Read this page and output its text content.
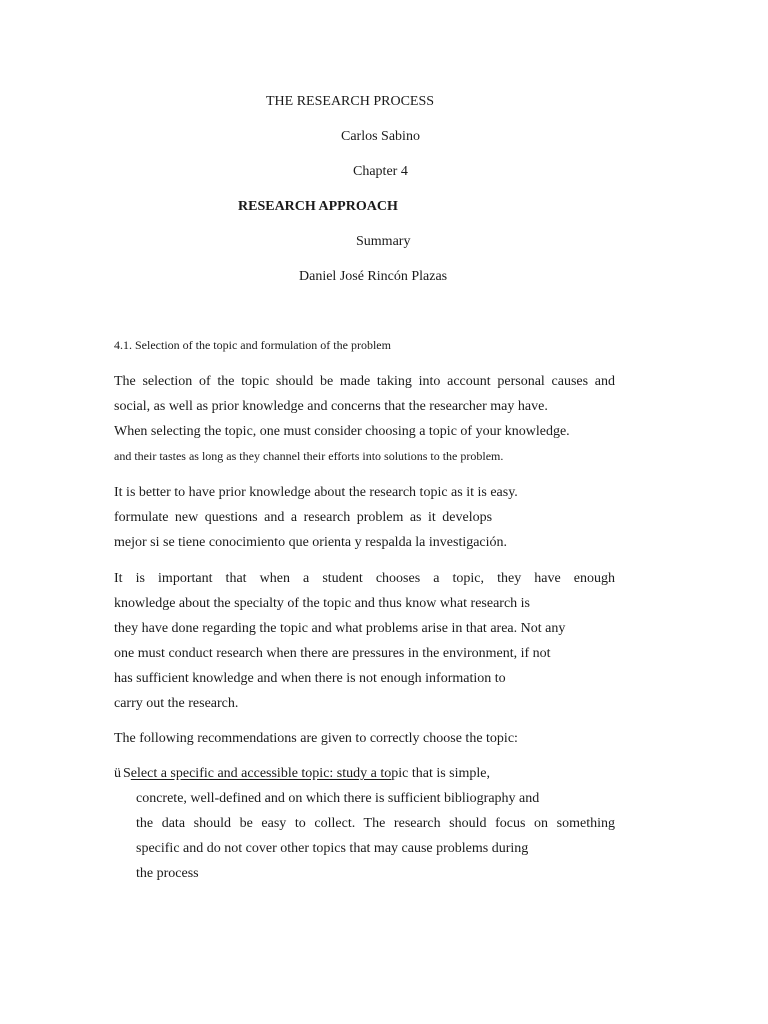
THE RESEARCH PROCESS
Carlos Sabino
Chapter 4
RESEARCH APPROACH
Summary
Daniel José Rincón Plazas
4.1. Selection of the topic and formulation of the problem
The selection of the topic should be made taking into account personal causes and
social, as well as prior knowledge and concerns that the researcher may have.
When selecting the topic, one must consider choosing a topic of your knowledge.
and their tastes as long as they channel their efforts into solutions to the problem.
It is better to have prior knowledge about the research topic as it is easy.
formulate new questions and a research problem as it develops
mejor si se tiene conocimiento que orienta y respalda la investigación.
It is important that when a student chooses a topic, they have enough
knowledge about the specialty of the topic and thus know what research is
they have done regarding the topic and what problems arise in that area. Not any
one must conduct research when there are pressures in the environment, if not
has sufficient knowledge and when there is not enough information to
carry out the research.
The following recommendations are given to correctly choose the topic:
ü Select a specific and accessible topic: study a topic that is simple,
concrete, well-defined and on which there is sufficient bibliography and
the data should be easy to collect. The research should focus on something
specific and do not cover other topics that may cause problems during
the process
